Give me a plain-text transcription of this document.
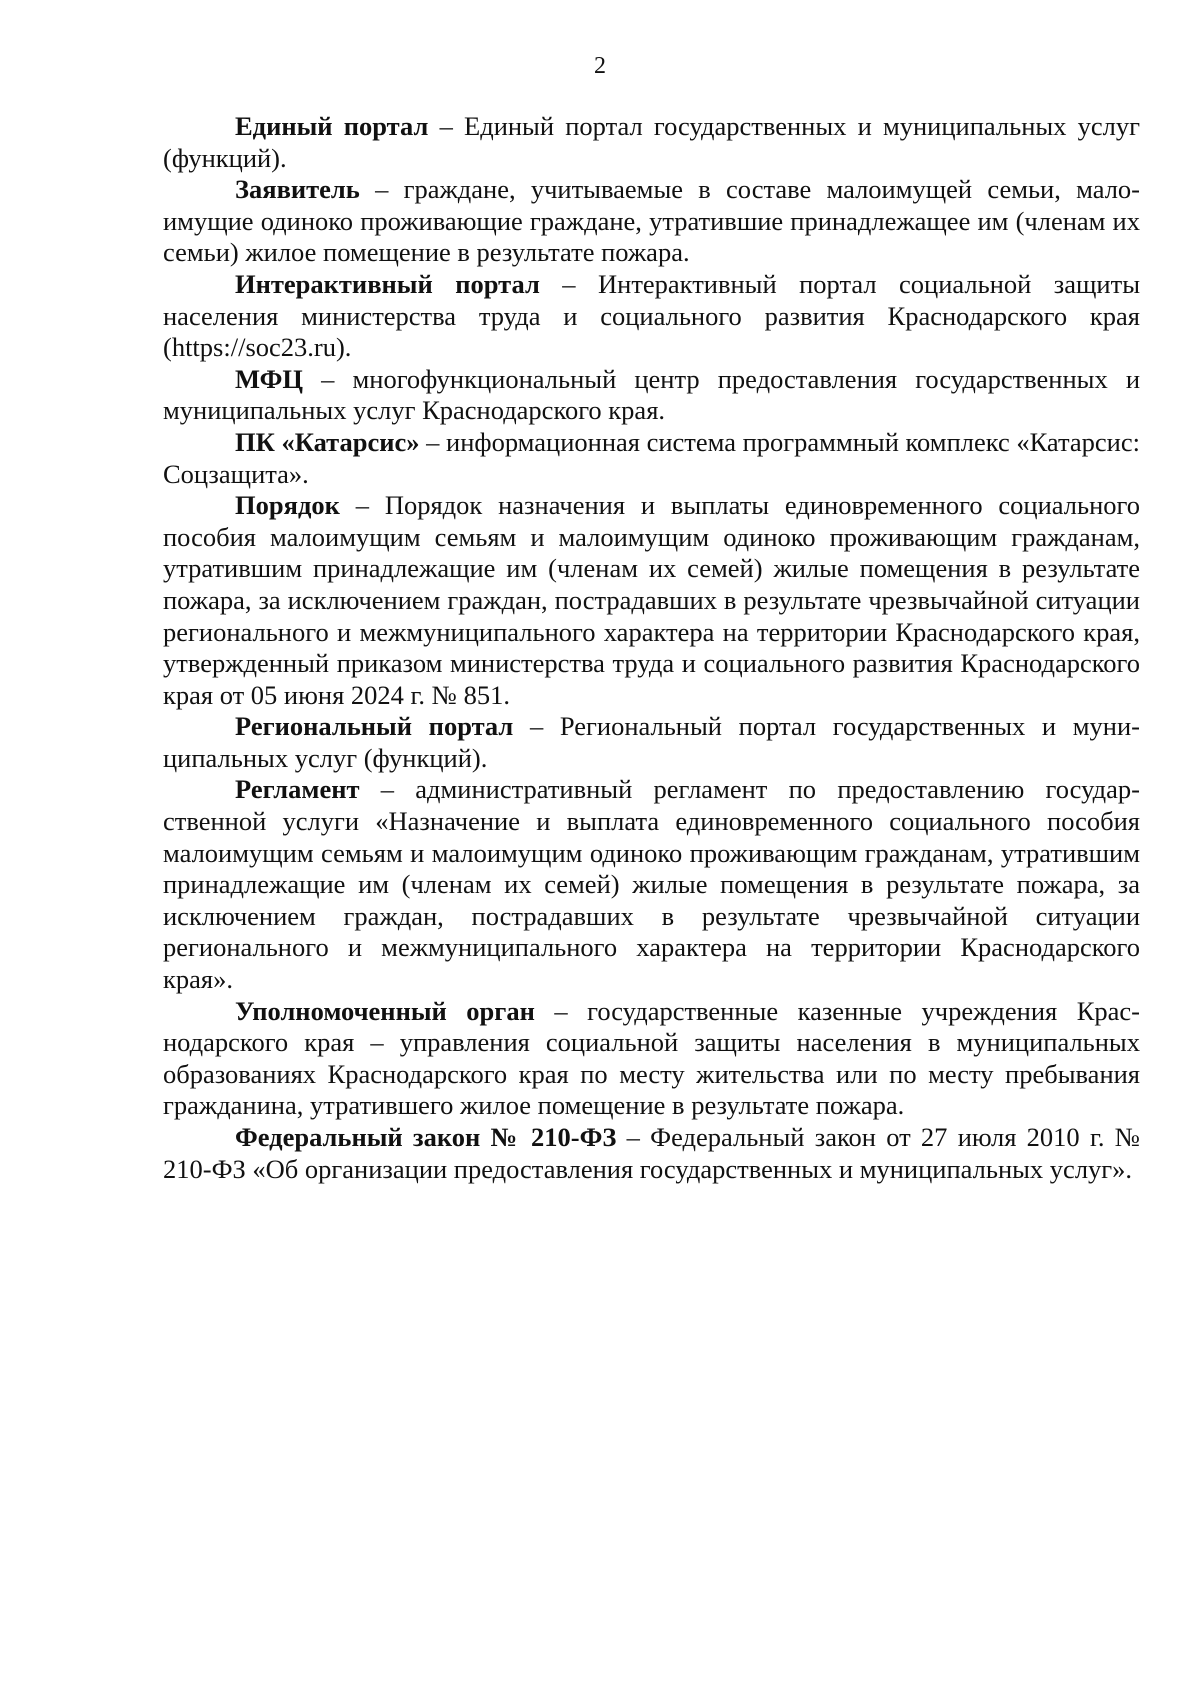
2

Единый портал – Единый портал государственных и муниципальных услуг (функций).

Заявитель – граждане, учитываемые в составе малоимущей семьи, малоимущие одиноко проживающие граждане, утратившие принадлежащее им (членам их семьи) жилое помещение в результате пожара.

Интерактивный портал – Интерактивный портал социальной защиты населения министерства труда и социального развития Краснодарского края (https://soc23.ru).

МФЦ – многофункциональный центр предоставления государственных и муниципальных услуг Краснодарского края.

ПК «Катарсис» – информационная система программный комплекс «Катарсис: Соцзащита».

Порядок – Порядок назначения и выплаты единовременного социального пособия малоимущим семьям и малоимущим одиноко проживающим гражданам, утратившим принадлежащие им (членам их семей) жилые помещения в результате пожара, за исключением граждан, пострадавших в результате чрезвычайной ситуации регионального и межмуниципального характера на территории Краснодарского края, утвержденный приказом министерства труда и социального развития Краснодарского края от 05 июня 2024 г. № 851.

Региональный портал – Региональный портал государственных и муниципальных услуг (функций).

Регламент – административный регламент по предоставлению государственной услуги «Назначение и выплата единовременного социального пособия малоимущим семьям и малоимущим одиноко проживающим гражданам, утратившим принадлежащие им (членам их семей) жилые помещения в результате пожара, за исключением граждан, пострадавших в результате чрезвычайной ситуации регионального и межмуниципального характера на территории Краснодарского края».

Уполномоченный орган – государственные казенные учреждения Краснодарского края – управления социальной защиты населения в муниципальных образованиях Краснодарского края по месту жительства или по месту пребывания гражданина, утратившего жилое помещение в результате пожара.

Федеральный закон № 210-ФЗ – Федеральный закон от 27 июля 2010 г. № 210-ФЗ «Об организации предоставления государственных и муниципальных услуг».
